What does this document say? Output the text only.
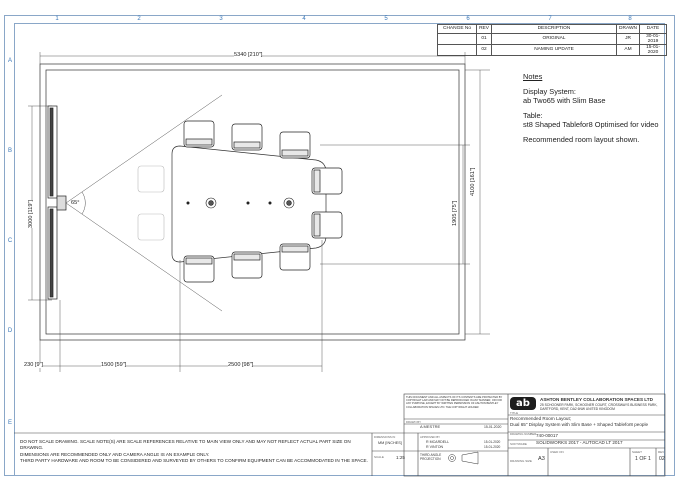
1	2	3	4	5	6	7	8
A
B
C
D
E
CHANGE No	REV	DESCRIPTION	DRAWN	DATE
	01	ORIGINAL	JR	30-01-2019
	02	NAMING UPDATE	AM	15-01-2020
5340 [210"]
4100 [161"]
3000 [119"]	1905 [75"]
65°
230 [9"]	1500 [59"]	2500 [98"]
Notes
Display System:
ab Two65 with Slim Base
Table:
st8 Shaped Tablefor8 Optimised for video
Recommended room layout shown.
DO NOT SCALE DRAWING. SCALE NOTE(S) ARE SCALE REFERENCES RELATIVE TO MAIN VIEW ONLY AND MAY NOT REFLECT ACTUAL PART SIZE ON DRAWING.
DIMENSIONS ARE RECOMMENDED ONLY AND CAMERA ANGLE IS AN EXAMPLE ONLY.
THIRD PARTY HARDWARE AND ROOM TO BE CONSIDERED AND SURVEYED BY OTHERS TO CONFIRM EQUIPMENT CAN BE ACCOMMODATED IN THE SPACE.
THIS DOCUMENT AND ALL ASPECTS OF ITS CONTENTS ARE PROTECTED BY COPYRIGHT LAW AND MAY NOT BE REPRODUCED IN ANY MANNER, OR FOR ANY PURPOSE, EXCEPT BY WRITTEN PERMISSION OF ASHTON BENTLEY COLLABORATION SPACES LTD. THE COPYRIGHT HOLDER.	ab	ASHTON BENTLEY COLLABORATION SPACES LTD
25 SCHOONER PARK, SCHOONER COURT, CROSSWAYS BUSINESS PARK,
DARTFORD, KENT, DA2 6NW UNITED KINGDOM
TITLE
Recommended Room Layout;
Dual 65" Display System with Slim Base + Shaped Tablefor8 people
DRAWING NUMBER 740-00017
SOFTWARE SOLIDWORKS 2017 - AUTOCAD LT 2017
USED ON
DRAWING SIZE A3
SHEET
1 OF 1
REV
02
DRAWN BY
A MESTRE	15-01-2020
DIMENSIONS IN
MM [INCHES]
SCALE	1:25
APPROVED BY
R MCARDELL	15-01-2020
R VINTON	15-01-2020
THIRD ANGLE PROJECTION
